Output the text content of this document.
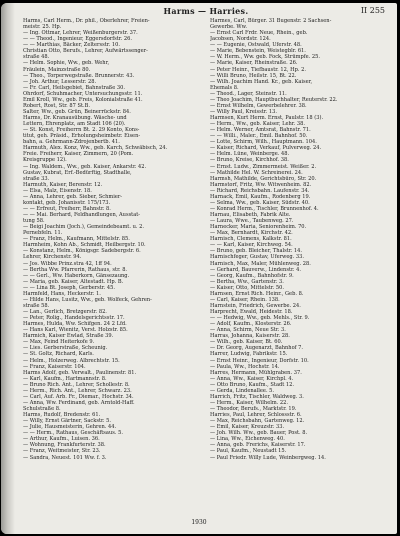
Harms — Harries.	II 255
Harms, Carl Herm., Dr. phil., Oberlehrer, Freien-
meistr. 25. Hp.
— Ing. Ottmar, Lehrer, Weißenburgerstr. 37.
— — Theod., Ingenieur, Eggersdorfstr. 26.
— — Marthias, Bäcker, Zeltersstr. 10.
Christian Otto, Berufs., Lehrer, Aufwärtssenger-
straße 48.
— Helm. Sophie, Ww., geb. Wehr,
Fräulein, Mainzstraße 80.
— Theo., Torperwegstraße. Brunnerstr. 43.
— Joh. Arthur, Lesserstr. 28.
— Fr. Carl, Heilsgebiet, Bahnstraße 30.
Ohrdorf, Schuhmacher, Untersuchungsstr. 11.
Emil Kroll, Ww., geb. Freis, Kolonialstraße 41.
Robert, Rost, Str. 87 St.B.
Salter, Ww., geb. Grün, Beinerrückstr. 84.
Harms, Dr. Kranausübung. Wäsche- und
Lettern, Ehrenplatz, am Stadt 106 (20).
— St. Konst, Freiherrn Bt. 2. 29 Konto, Kons-
titut, geh. Präsid., Erholungsheimbetr. Eisen-
bahn, a. Gehrmann-Zdrojenbertb. 41.
Harmuth, Alex. Konz, Ww., geb. Karch, Schwäbisch, 24.
Freie. Freiherr, Kaiser, Zimmern, 20 (Pom.
Kreisgruppe 12).
— Ing. Waldem., Ww., geb. Kaiser, Ankarstr. 42.
Gustav, Kubrat, Erf.-Bedürftig, Stadthalle,
straße 33.
Harmuth, Kaiser, Berenstr. 12.
— Elsa, Malz, Eisenstr. 18.
— Anna, Lehrer, geb. Sieber, Schmier-
kontakt, geb. Johanisstr. 175/173.
— — Erfreut, Freiherr, Bahnstr. 8.
— — Mai. Berhard, Feldhandlungen, Ausstat-
tung 58.
— Beigi Joachim (Joch.), Gemeindebeamt. u. 2.
Pernebfeln. 11.
— Franz, Helm., Kaufmann, Mittelstr. 85.
Harmheim, Kohn Ab., Schmidt, Heilbergstr. 10.
— Konstanz, Helm., Königsgr. Sadebergstr. 6.
Lehrer, Kirchenstr. 94.
— Jos. Wibbe Prinz.stra 42, 1ff 94.
— Bertha Ww. Pfarrerin, Rathaus, str. 8.
— — Gerl., Ww. Haberkorn, Gänsezaung.
— Maria, geb. Kaiser, Altestadt. Hp. B.
— — Lina Bt. Joseph, Gerberstr. 45.
Harmfeld, Hans, Heckerstr. 1.
— Hilde Hans, Lusitz, Ww., geb. Wolfeck, Gehren-
straße 58.
— Lan., Gerlich, Bretzgerstr. 82.
— Peter, Rolig., Handelsgerichtsstr. 17.
Harmes, Hulda, Ww. Schifgen. 24 2 Lfd.
— Hans Karl, Wienitz, Verst. Holzstr. 85.
Harmich, Kaiser Ewlad, Straße 39.
— Max, Feind Heiterkofe 9.
— Lies. Gerberstraße, Scheunig.
— St. Goltz, Richard, Karls.
— Helm., Holzerweg. Albrechtstr. 15.
— Franz, Kaiserstr. 104.
Harms Adolf, geb. Verwalt., Paulinenstr. 81.
— Karl, Kaufm., Hartmannstr. 8.
— Bruno Rich. Ant., Lehrer, Schollestr. 8.
— Herm., Rich. Ant., Lehrer, Schwarz. 23.
— Carl, Auf. Arb. Fr., Diemar., Hochstr. 34.
— Anna, Ww. Ferdinand, geb. Arntold-Haff.
Schulstraße 8.
Harms, Rudolf, Bredenstr. 61.
— Willy, Ernst Gärtner, Sackstr. 5.
— Julie, Hausmeisterin, Gehren. 44.
— — Herm., Rathaus, Geschäftsaus. 5.
— Arthur, Kaufm., Luisen. 36.
— Wohnung, Frankfurterstr. 38.
— Franz, Weitmeister, Str. 23.
— Sandra, Neuest. 101 Ww. f. 3.
Harmes, Carl, Bürger. 31 Bugenstr. 2 Sachsen-
Gewerbe. Ww.
— Ernst Carl Frdr. Neue, Rhein., geb.
Jacobsen, Nordstr. 124.
— — Eugenie, Ostwald, Uferstr. 48.
— Marie, Bebenstein, Weistegblr. 61.
— W. Herm., Ww. geb. Fock, Strümpfe. 25.
— Marie, Kaiser, Rheinstraße. 26.
— Peter Heinr., Tiefbaustr. 12, Hp. 2.
— Willi Bruno, Heilstr. 15, Bt. 22.
— Wilh. Joachim Hand. Kr., geb. Kaiser,
Ehemals 8.
— Theod., Lager, Steinstr. 11.
— Theo Joachim, Hauptbuchhalter, Reuterstr. 22.
— Ernst Wilhelm, Gewerbelehrer. 38.
— Willy Paul, Kreisstr. 13.
Harmsen, Kurt Herm. Ernst, Paulstr. 18 (3).
— Herm., Ww., geb. Kaiser, Lehr. 38.
— Helm. Werner, Amtsrat, Bahnstr. 71.
— — Willi., Maler., Emil. Bahnhof. 50.
— Lotte, Schirm, Wilh., Hauptmann. 104.
— Kaiser, Richard, Verkauf, Pulverweg. 24.
— Helm. Lüne, Weinberge. 48.
— Bruno, Kreise, Kirchhof. 38.
— Ernst. Ludw., Zimmermeist. Weißer. 2.
— Mathilde Hel. W. Schreinerei. 24.
Harmsh, Mathilde, Gerichtsbüro, Str. 20.
Harmstorf, Fritz, Ww. Witwenheim. 82.
— Richard, Reichsbahn. Laufenstr. 34.
Harnack, Emil, Kaufm., Rodenberg 19.
— Selma, Ww., geb. Kaiser, Südstr. 40.
— Konrad Herm., Tischler, Brunnenhof. 4.
Harnau, Elisabeth, Fabrik Alte.
— Laura, Wwe., Taubenweg. 27.
Harnecker, Maria, Seniorenheim. 70.
— Max, Bernhardt, Kirchstr. 42.
Harnisch, Clemens, Kalkstr. 81.
— — Karl, Kaiser, Kirchweg. 54.
— Bruno, geb. Bleicher, Thalstr. 14.
Harnischfeger, Gustav, Uferweg. 33.
Harnisch, Max, Maler, Mühlenweg. 28.
— Gerhard, Bauverw., Lindenstr. 4.
— Georg, Kaufm., Bahnhofstr. 9.
— Bertha, Ww., Gartenstr. 3.
— Kaiser, Otto, Mittelstr. 50.
Harnsen, Ernst Rich. Heinr., Geb. 8.
— Carl, Kaiser, Rhein. 138.
Harnstein, Friedrich, Gewerbe. 24.
Harprecht, Ewald, Heidestr. 18.
— — Hedwig, Ww., geb. Mehls., Str. 9.
— Adolf, Kaufm., Klosterstr. 26.
— Anna, Schirm, Neue Str. 3.
Harras, Johanna, Kaiserstr. 28.
— Wilh., geb. Kaiser, Bt. 60.
— Dr. Georg, Augenarzt, Bahnhof 7.
Harrer, Ludwig, Fabrikstr. 15.
— Ernst Heinr., Ingenieur, Dorfstr. 10.
— Paula, Ww., Hochstr. 14.
Harres, Hermann, Mühlgraben. 37.
— Anna, Ww., Kaiser, Kirchpl. 4.
— Otto Bruno, Kaufm., Stadt 12.
— Gerda, Lindenallee. 5.
Harrich, Fritz, Tischler, Waldweg. 3.
— Herm., Kaiser, Wilhelm. 22.
— Theodor, Berufs., Marktstr. 19.
Harries, Paul, Lehrer, Schlossstr. 6.
— Max, Reichsbahn, Gartenweg. 12.
— Emil, Kaiser, Kreuzstr. 33.
— Joh. Wilh. Ww., geb. Bauer, Post. 8.
— Lina, Ww., Eichenweg. 40.
— Anna, geb. Frerichs, Kaiserstr. 17.
— Paul, Kaufm., Neustadt 15.
— Paul Friedr. Willy Lude, Weinbergweg. 14.
1930
